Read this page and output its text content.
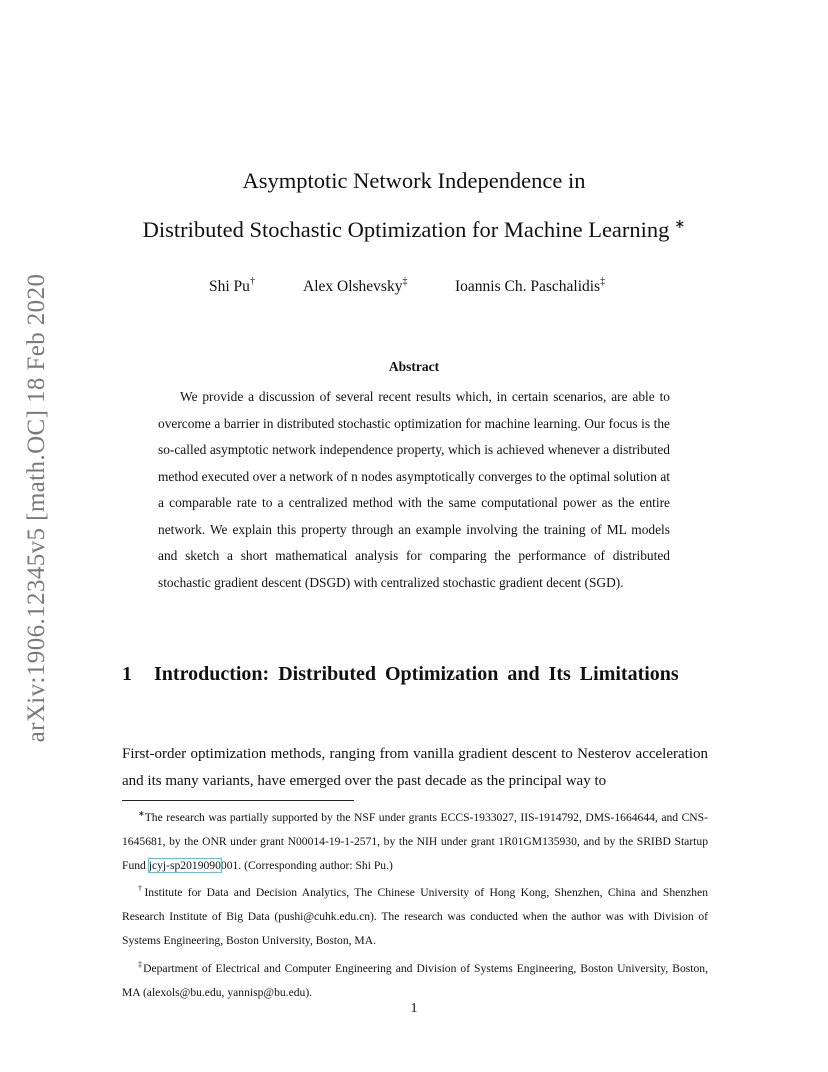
arXiv:1906.12345v5 [math.OC] 18 Feb 2020
Asymptotic Network Independence in
Distributed Stochastic Optimization for Machine Learning ∗
Shi Pu†	Alex Olshevsky‡	Ioannis Ch. Paschalidis‡
Abstract
We provide a discussion of several recent results which, in certain scenarios, are able to overcome a barrier in distributed stochastic optimization for machine learning. Our focus is the so-called asymptotic network independence property, which is achieved whenever a distributed method executed over a network of n nodes asymptotically converges to the optimal solution at a comparable rate to a centralized method with the same computational power as the entire network. We explain this property through an example involving the training of ML models and sketch a short mathematical analysis for comparing the performance of distributed stochastic gradient descent (DSGD) with centralized stochastic gradient decent (SGD).
1 Introduction: Distributed Optimization and Its Limitations
First-order optimization methods, ranging from vanilla gradient descent to Nesterov acceleration and its many variants, have emerged over the past decade as the principal way to

∗The research was partially supported by the NSF under grants ECCS-1933027, IIS-1914792, DMS-1664644, and CNS-1645681, by the ONR under grant N00014-19-1-2571, by the NIH under grant 1R01GM135930, and by the SRIBD Startup Fund jcyj-sp2019090001. (Corresponding author: Shi Pu.)

†Institute for Data and Decision Analytics, The Chinese University of Hong Kong, Shenzhen, China and Shenzhen Research Institute of Big Data (pushi@cuhk.edu.cn). The research was conducted when the author was with Division of Systems Engineering, Boston University, Boston, MA.

‡Department of Electrical and Computer Engineering and Division of Systems Engineering, Boston University, Boston, MA (alexols@bu.edu, yannisp@bu.edu).

1
